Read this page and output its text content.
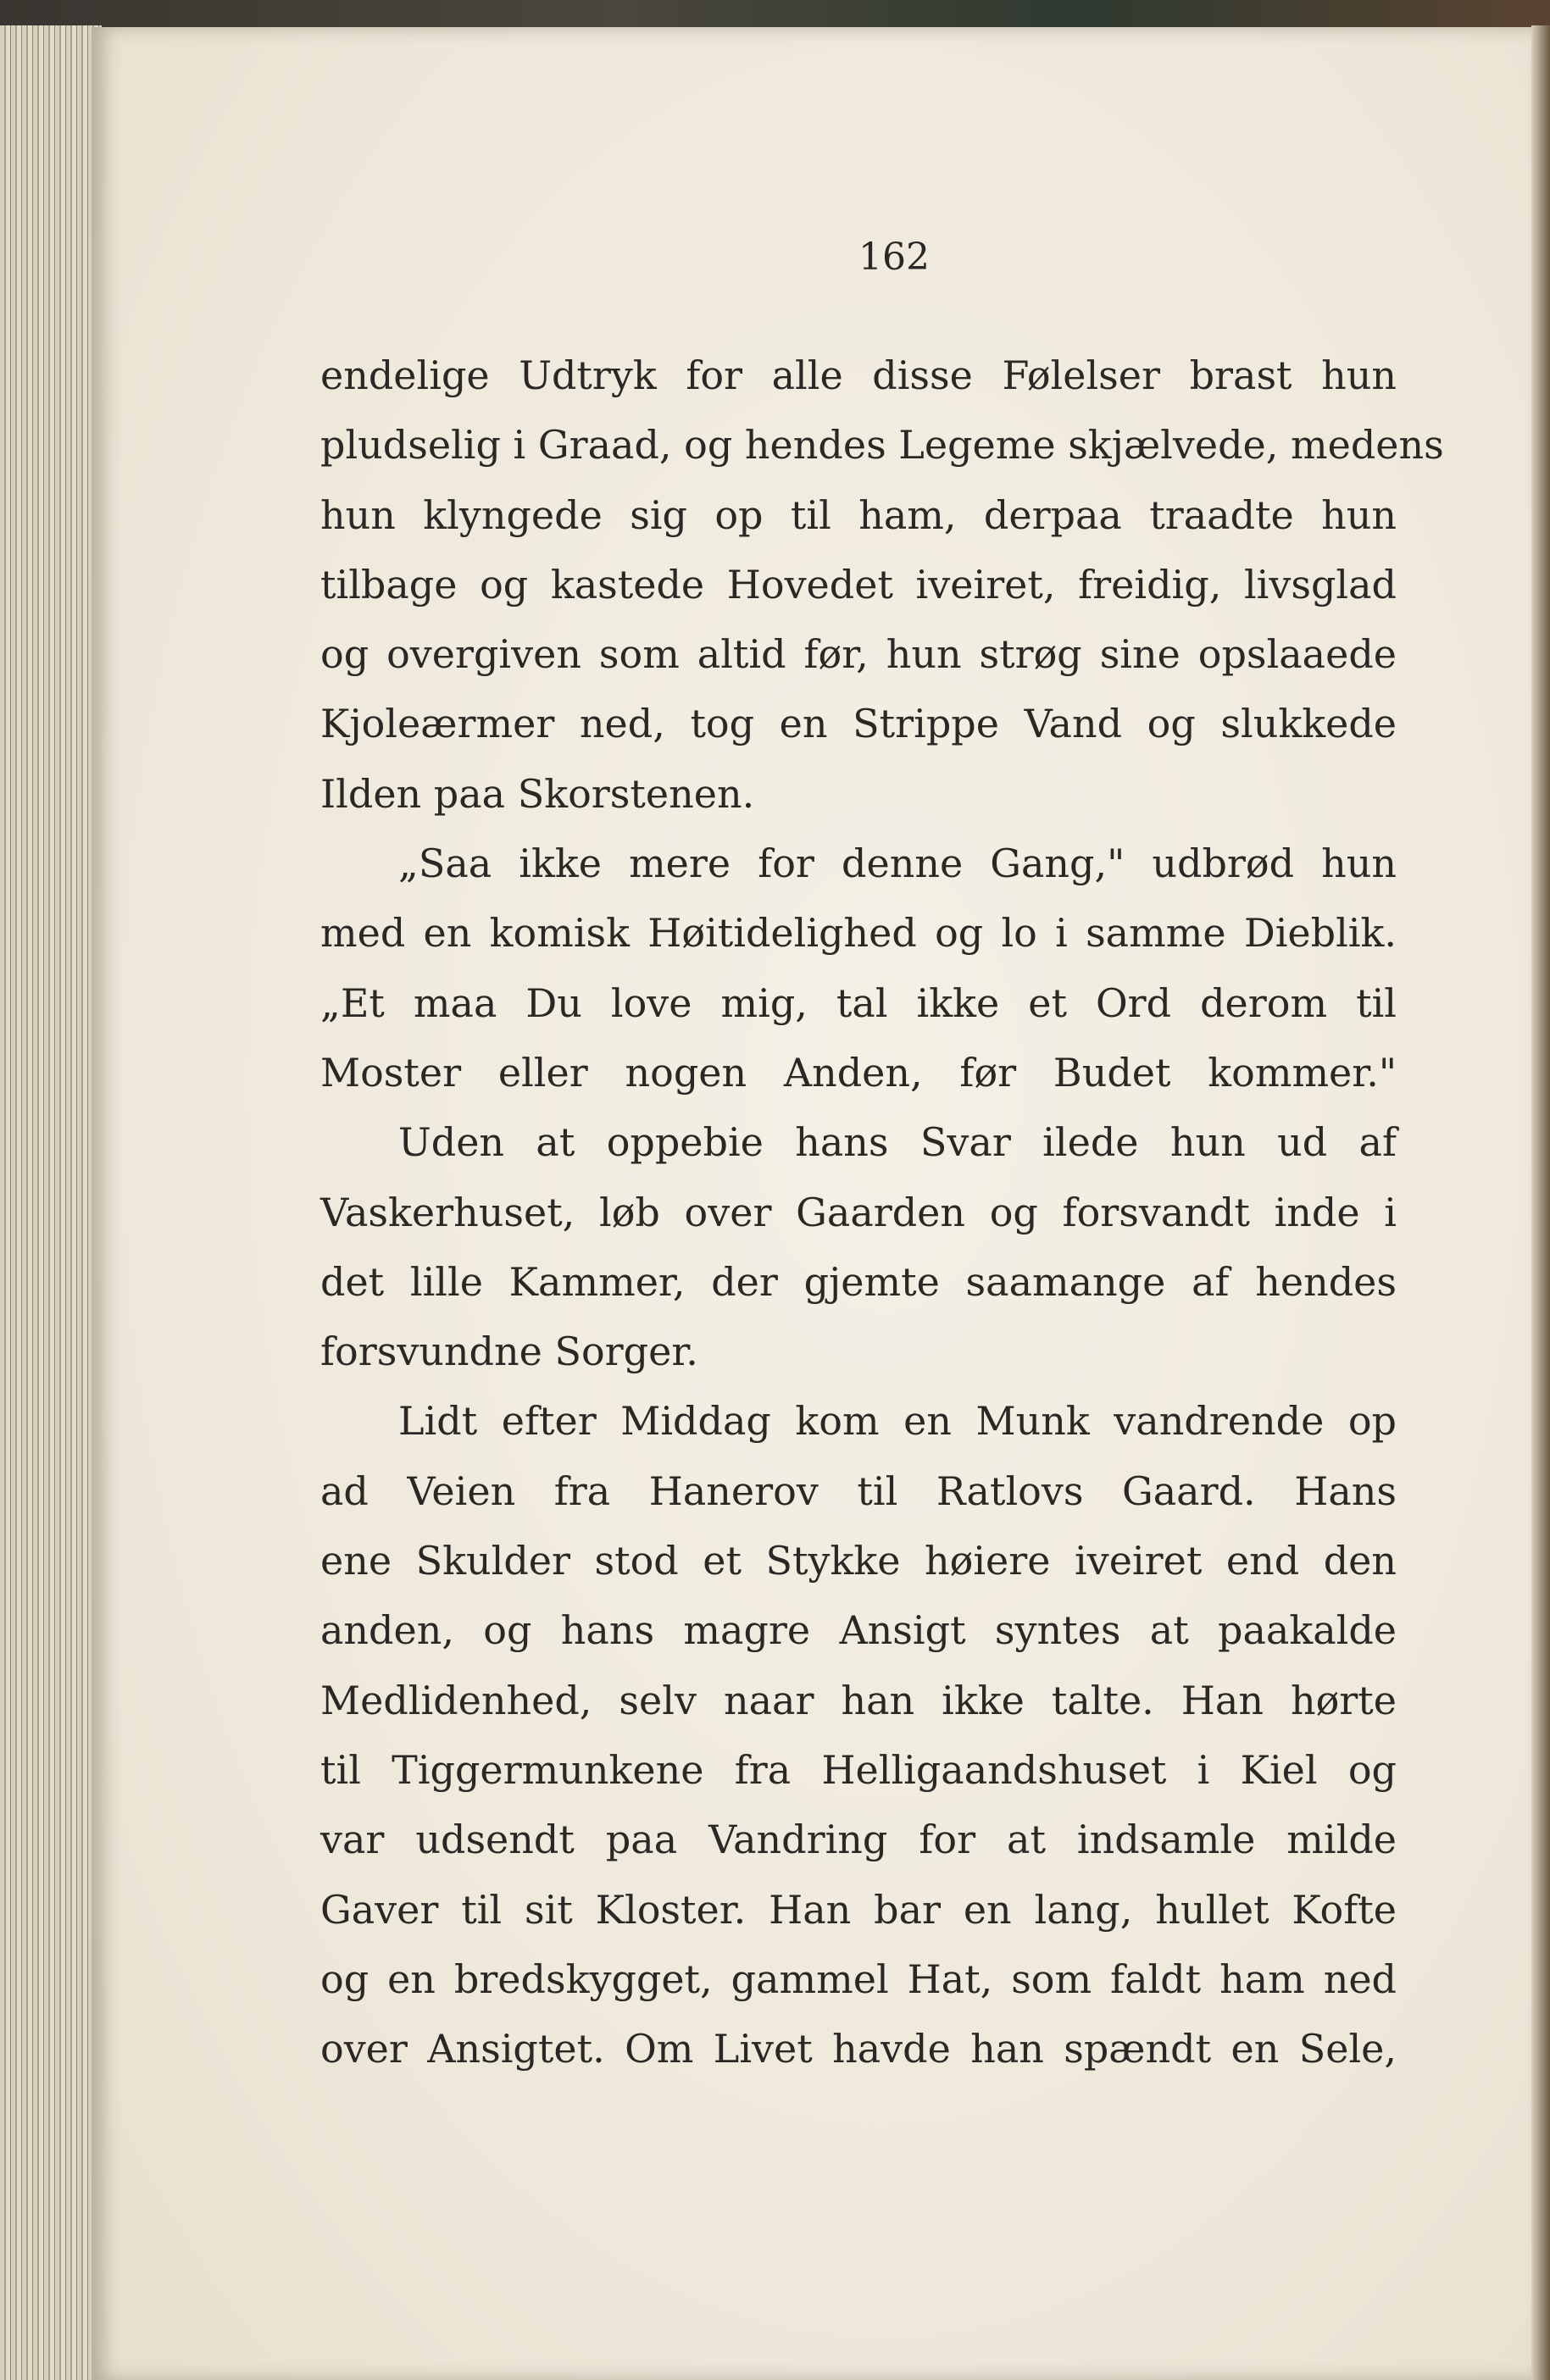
162

endelige Udtryk for alle disse Følelser brast hun
pludselig i Graad, og hendes Legeme skjælvede, medens
hun klyngede sig op til ham, derpaa traadte hun
tilbage og kastede Hovedet iveiret, freidig, livsglad
og overgiven som altid før, hun strøg sine opslaaede
Kjoleærmer ned, tog en Strippe Vand og slukkede
Ilden paa Skorstenen.
„Saa ikke mere for denne Gang," udbrød hun
med en komisk Høitidelighed og lo i samme Dieblik.
„Et maa Du love mig, tal ikke et Ord derom til
Moster eller nogen Anden, før Budet kommer."
Uden at oppebie hans Svar ilede hun ud af
Vaskerhuset, løb over Gaarden og forsvandt inde i
det lille Kammer, der gjemte saamange af hendes
forsvundne Sorger.
Lidt efter Middag kom en Munk vandrende op
ad Veien fra Hanerov til Ratlovs Gaard. Hans
ene Skulder stod et Stykke høiere iveiret end den
anden, og hans magre Ansigt syntes at paakalde
Medlidenhed, selv naar han ikke talte. Han hørte
til Tiggermunkene fra Helligaandshuset i Kiel og
var udsendt paa Vandring for at indsamle milde
Gaver til sit Kloster. Han bar en lang, hullet Kofte
og en bredskygget, gammel Hat, som faldt ham ned
over Ansigtet. Om Livet havde han spændt en Sele,
